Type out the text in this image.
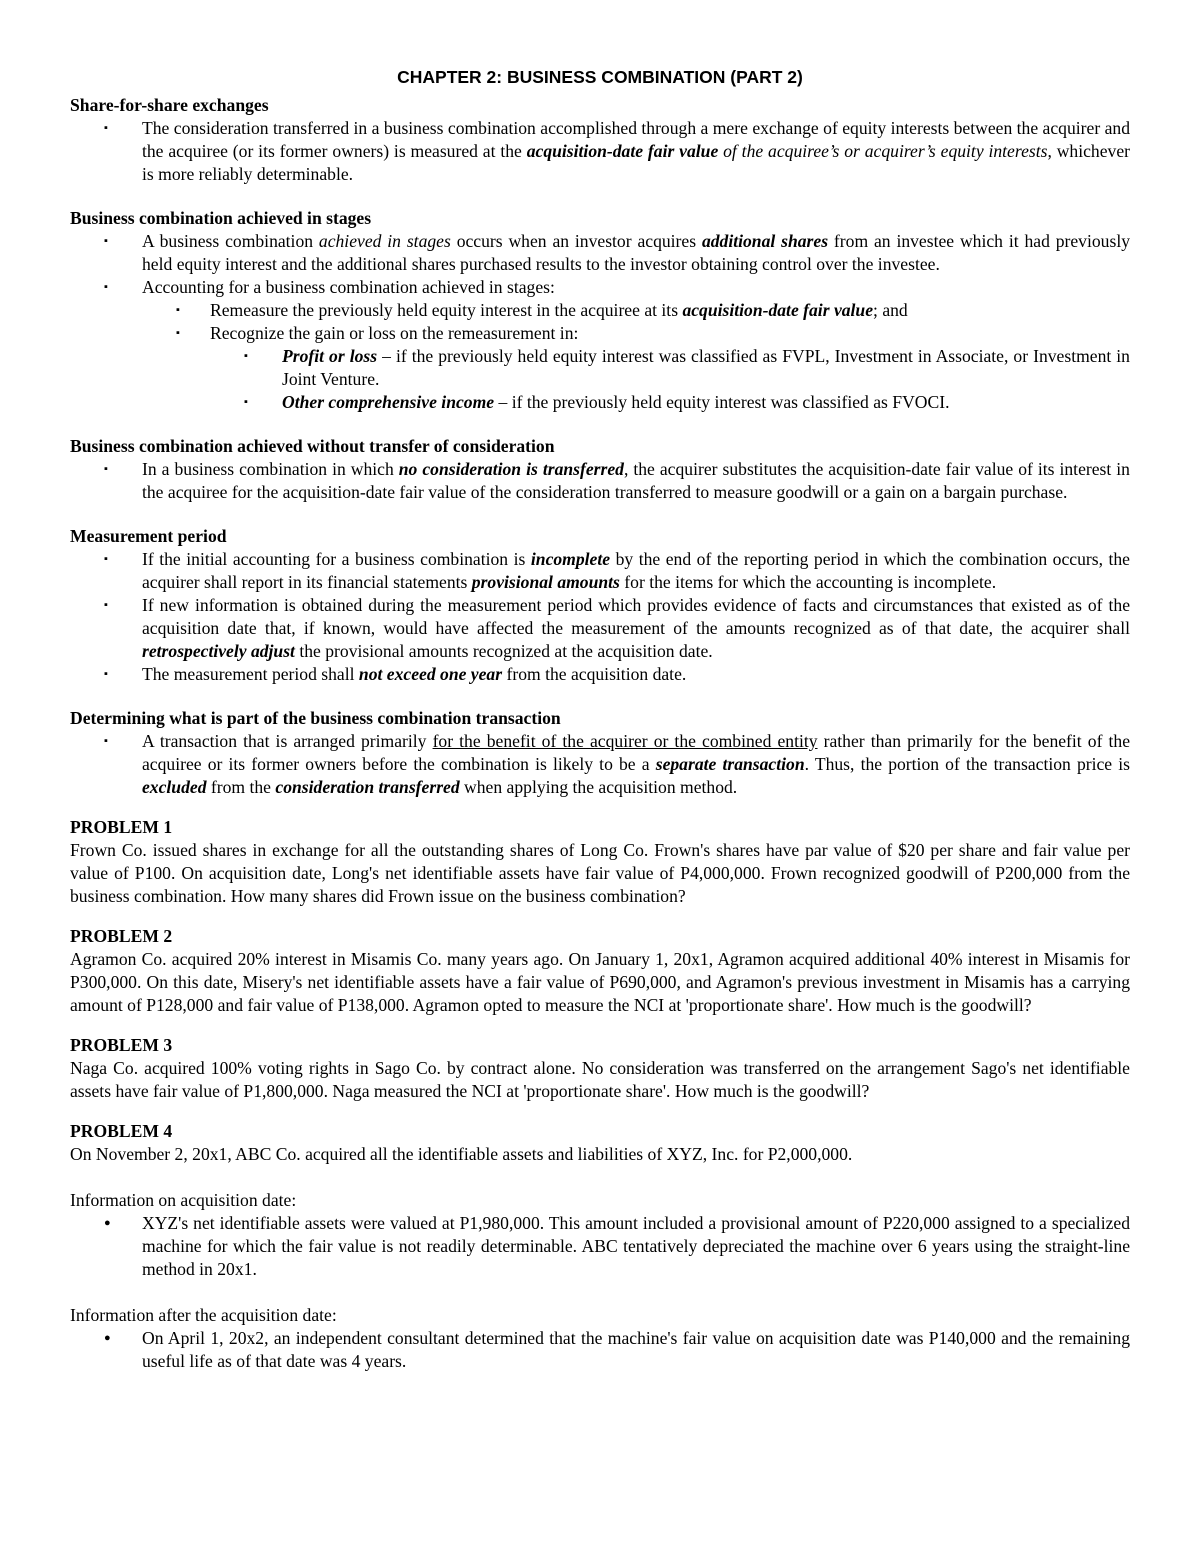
CHAPTER 2: BUSINESS COMBINATION (PART 2)

Share-for-share exchanges

▪ The consideration transferred in a business combination accomplished through a mere exchange of equity interests between the acquirer and the acquiree (or its former owners) is measured at the acquisition-date fair value of the acquiree’s or acquirer’s equity interests, whichever is more reliably determinable.

Business combination achieved in stages

▪ A business combination achieved in stages occurs when an investor acquires additional shares from an investee which it had previously held equity interest and the additional shares purchased results to the investor obtaining control over the investee.
▪ Accounting for a business combination achieved in stages:
▪ Remeasure the previously held equity interest in the acquiree at its acquisition-date fair value; and
▪ Recognize the gain or loss on the remeasurement in:
▪ Profit or loss – if the previously held equity interest was classified as FVPL, Investment in Associate, or Investment in Joint Venture.
▪ Other comprehensive income – if the previously held equity interest was classified as FVOCI.

Business combination achieved without transfer of consideration

▪ In a business combination in which no consideration is transferred, the acquirer substitutes the acquisition-date fair value of its interest in the acquiree for the acquisition-date fair value of the consideration transferred to measure goodwill or a gain on a bargain purchase.

Measurement period

▪ If the initial accounting for a business combination is incomplete by the end of the reporting period in which the combination occurs, the acquirer shall report in its financial statements provisional amounts for the items for which the accounting is incomplete.
▪ If new information is obtained during the measurement period which provides evidence of facts and circumstances that existed as of the acquisition date that, if known, would have affected the measurement of the amounts recognized as of that date, the acquirer shall retrospectively adjust the provisional amounts recognized at the acquisition date.
▪ The measurement period shall not exceed one year from the acquisition date.

Determining what is part of the business combination transaction

▪ A transaction that is arranged primarily for the benefit of the acquirer or the combined entity rather than primarily for the benefit of the acquiree or its former owners before the combination is likely to be a separate transaction. Thus, the portion of the transaction price is excluded from the consideration transferred when applying the acquisition method.

PROBLEM 1

Frown Co. issued shares in exchange for all the outstanding shares of Long Co. Frown's shares have par value of $20 per share and fair value per value of P100. On acquisition date, Long's net identifiable assets have fair value of P4,000,000. Frown recognized goodwill of P200,000 from the business combination. How many shares did Frown issue on the business combination?

PROBLEM 2

Agramon Co. acquired 20% interest in Misamis Co. many years ago. On January 1, 20x1, Agramon acquired additional 40% interest in Misamis for P300,000. On this date, Misery's net identifiable assets have a fair value of P690,000, and Agramon's previous investment in Misamis has a carrying amount of P128,000 and fair value of P138,000. Agramon opted to measure the NCI at 'proportionate share'. How much is the goodwill?

PROBLEM 3

Naga Co. acquired 100% voting rights in Sago Co. by contract alone. No consideration was transferred on the arrangement Sago's net identifiable assets have fair value of P1,800,000. Naga measured the NCI at 'proportionate share'. How much is the goodwill?

PROBLEM 4

On November 2, 20x1, ABC Co. acquired all the identifiable assets and liabilities of XYZ, Inc. for P2,000,000.

Information on acquisition date:

● XYZ's net identifiable assets were valued at P1,980,000. This amount included a provisional amount of P220,000 assigned to a specialized machine for which the fair value is not readily determinable. ABC tentatively depreciated the machine over 6 years using the straight-line method in 20x1.

Information after the acquisition date:

● On April 1, 20x2, an independent consultant determined that the machine's fair value on acquisition date was P140,000 and the remaining useful life as of that date was 4 years.
